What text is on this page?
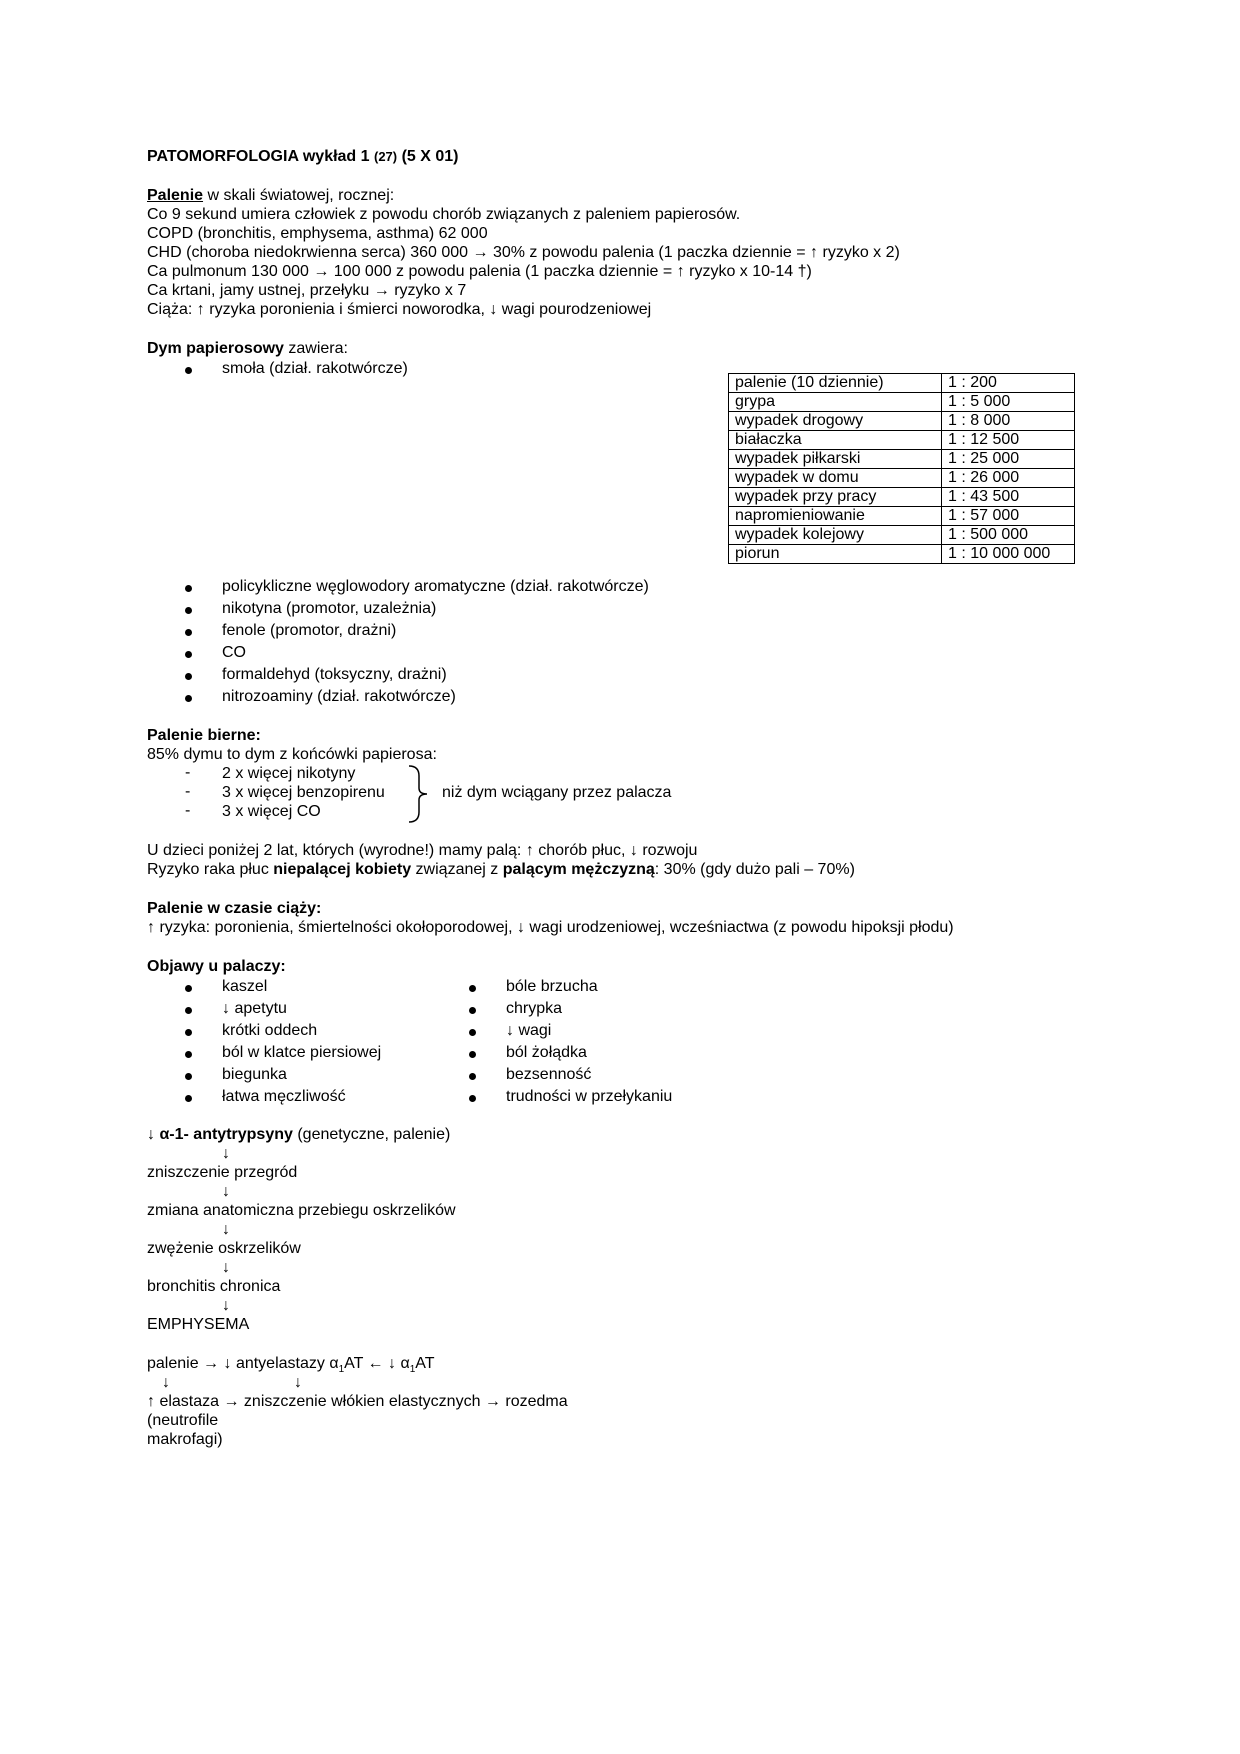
PATOMORFOLOGIA wykład 1 (27) (5 X 01)
Palenie w skali światowej, rocznej:
Co 9 sekund umiera człowiek z powodu chorób związanych z paleniem papierosów.
COPD (bronchitis, emphysema, asthma) 62 000
CHD (choroba niedokrwienna serca) 360 000 → 30% z powodu palenia (1 paczka dziennie = ↑ ryzyko x 2)
Ca pulmonum 130 000 → 100 000 z powodu palenia (1 paczka dziennie = ↑ ryzyko x 10-14 †)
Ca krtani, jamy ustnej, przełyku → ryzyko x 7
Ciąża: ↑ ryzyka poronienia i śmierci noworodka, ↓ wagi pourodzeniowej
Dym papierosowy zawiera:
smoła (dział. rakotwórcze)
palenie (10 dziennie)	1 : 200
grypa	1 : 5 000
wypadek drogowy	1 : 8 000
białaczka	1 : 12 500
wypadek piłkarski	1 : 25 000
wypadek w domu	1 : 26 000
wypadek przy pracy	1 : 43 500
napromieniowanie	1 : 57 000
wypadek kolejowy	1 : 500 000
piorun	1 : 10 000 000
policykliczne węglowodory aromatyczne (dział. rakotwórcze)
nikotyna (promotor, uzależnia)
fenole (promotor, drażni)
CO
formaldehyd (toksyczny, drażni)
nitrozoaminy (dział. rakotwórcze)
Palenie bierne:
85% dymu to dym z końcówki papierosa:
- 2 x więcej nikotyny
- 3 x więcej benzopirenu
- 3 x więcej CO
niż dym wciągany przez palacza
U dzieci poniżej 2 lat, których (wyrodne!) mamy palą: ↑ chorób płuc, ↓ rozwoju
Ryzyko raka płuc niepalącej kobiety związanej z palącym mężczyzną: 30% (gdy dużo pali – 70%)
Palenie w czasie ciąży:
↑ ryzyka: poronienia, śmiertelności okołoporodowej, ↓ wagi urodzeniowej, wcześniactwa (z powodu hipoksji płodu)
Objawy u palaczy:
kaszel
↓ apetytu
krótki oddech
ból w klatce piersiowej
biegunka
łatwa męczliwość
bóle brzucha
chrypka
↓ wagi
ból żołądka
bezsenność
trudności w przełykaniu
↓ α-1- antytrypsyny (genetyczne, palenie)
↓
zniszczenie przegród
↓
zmiana anatomiczna przebiegu oskrzelików
↓
zwężenie oskrzelików
↓
bronchitis chronica
↓
EMPHYSEMA
palenie → ↓ antyelastazy $\alpha_1AT$ ← ↓ $\alpha_1AT$
↓	↓
↑ elastaza → zniszczenie włókien elastycznych → rozedma
(neutrofile
makrofagi)
